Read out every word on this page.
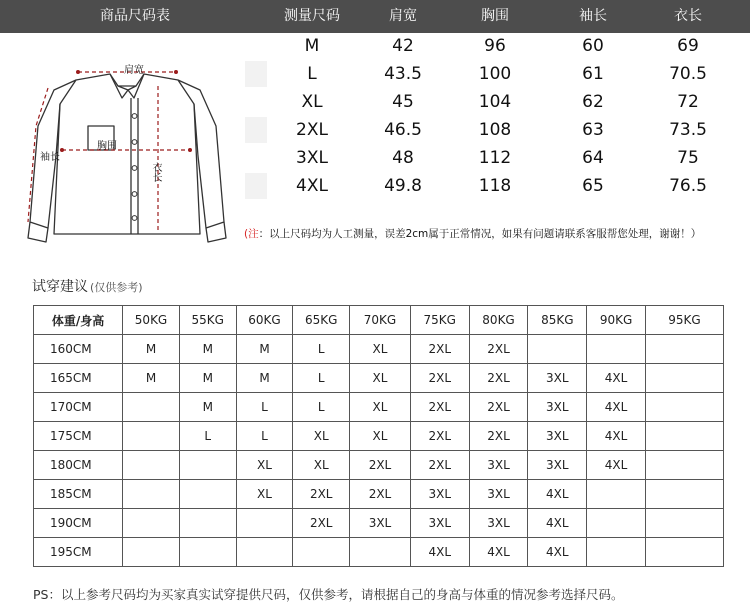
商品尺码表	测量尺码	肩宽	胸围	袖长	衣长
肩宽
胸围
袖长
衣长
M	42	96	60	69
L	43.5	100	61	70.5
XL	45	104	62	72
2XL	46.5	108	63	73.5
3XL	48	112	64	75
4XL	49.8	118	65	76.5
(注：以上尺码均为人工测量，误差2cm属于正常情况，如果有问题请联系客服帮您处理，谢谢！）
试穿建议 (仅供参考)
体重/身高	50KG	55KG	60KG	65KG	70KG	75KG	80KG	85KG	90KG	95KG
160CM	M	M	M	L	XL	2XL	2XL			
165CM	M	M	M	L	XL	2XL	2XL	3XL	4XL	
170CM		M	L	L	XL	2XL	2XL	3XL	4XL	
175CM		L	L	XL	XL	2XL	2XL	3XL	4XL	
180CM			XL	XL	2XL	2XL	3XL	3XL	4XL	
185CM			XL	2XL	2XL	3XL	3XL	4XL		
190CM				2XL	3XL	3XL	3XL	4XL		
195CM						4XL	4XL	4XL		
PS：以上参考尺码均为买家真实试穿提供尺码，仅供参考，请根据自己的身高与体重的情况参考选择尺码。
